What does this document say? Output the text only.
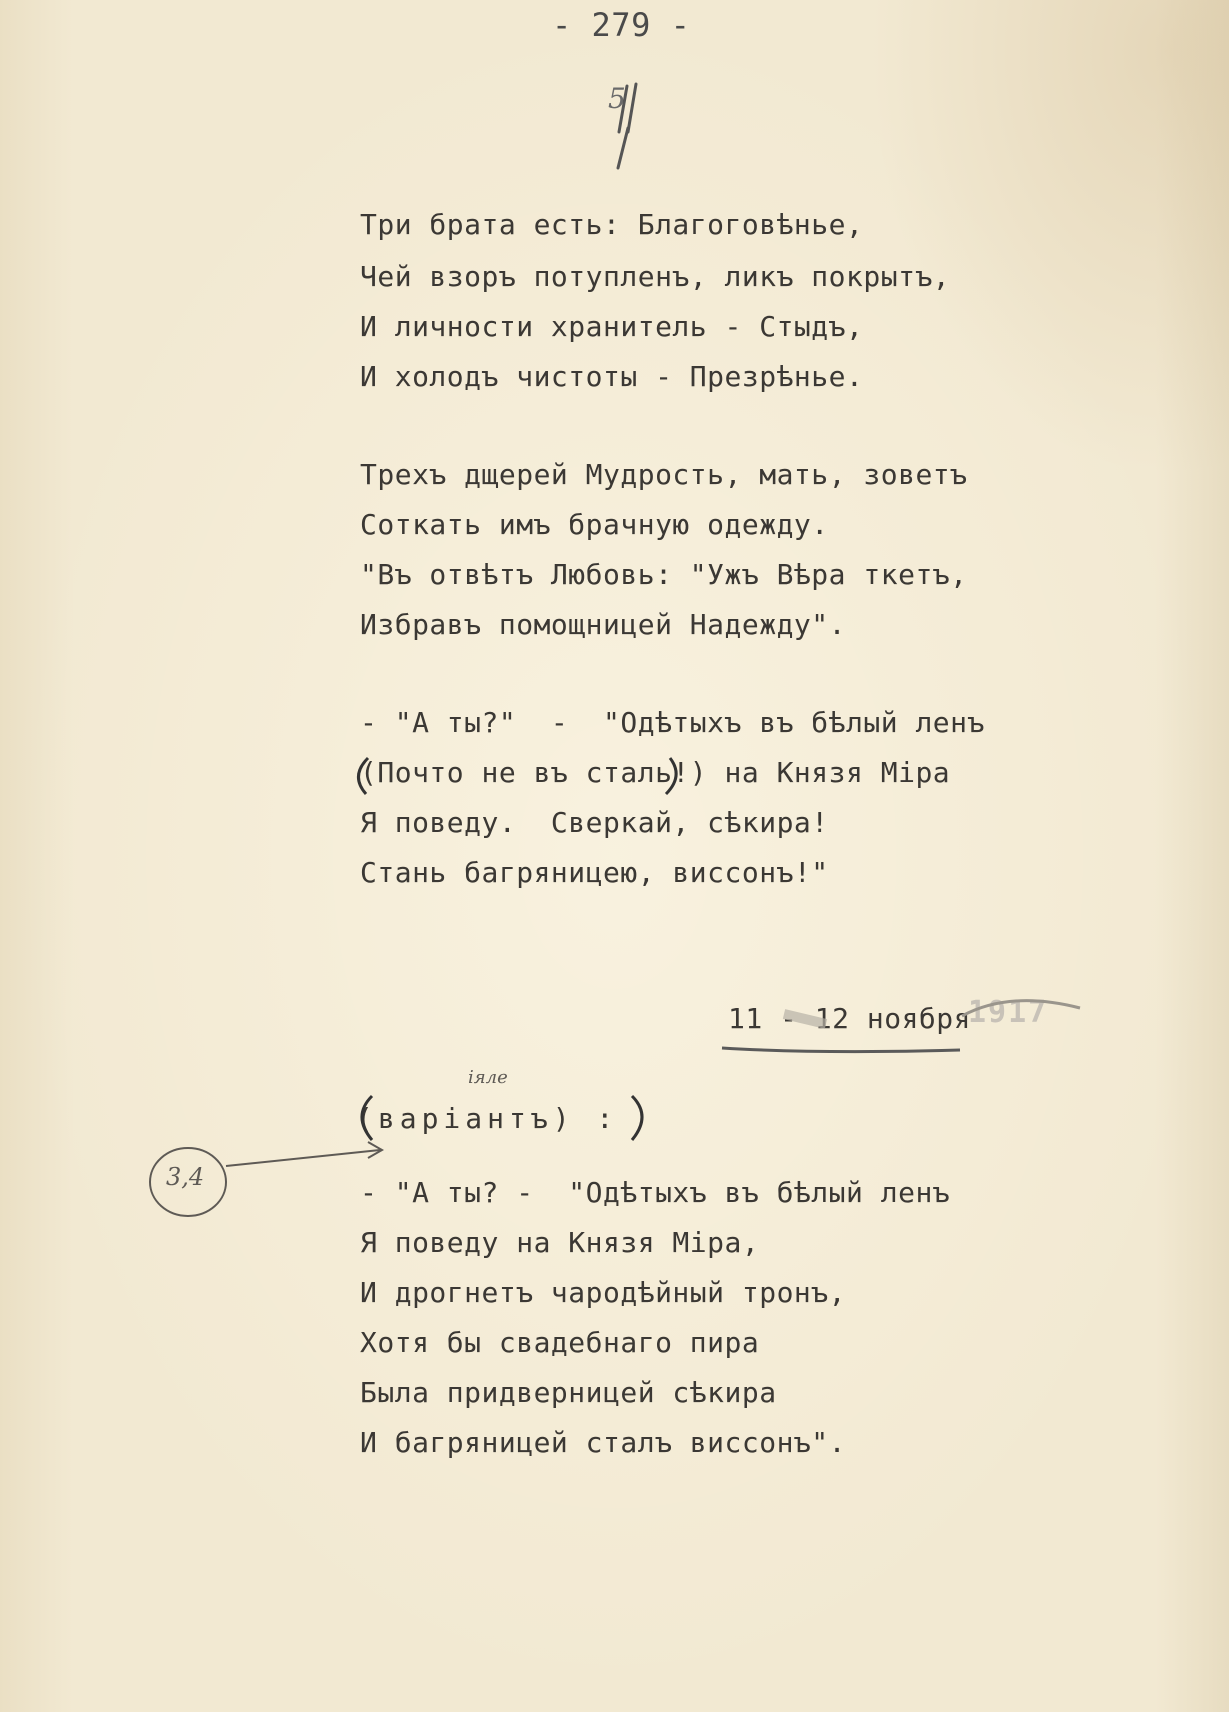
- 279 -
5
Три брата есть: Благоговѣнье,
Чей взоръ потупленъ, ликъ покрытъ,
И личности хранитель - Стыдъ,
И холодъ чистоты - Презрѣнье.
Трехъ дщерей Мудрость, мать, зоветъ
Соткать имъ брачную одежду.
"Въ отвѣтъ Любовь: "Ужъ Вѣра ткетъ,
Избравъ помощницей Надежду".
- "А ты?"  -  "Одѣтыхъ въ бѣлый ленъ
(Почто не въ сталь!) на Князя Міра
Я поведу.  Сверкай, сѣкира!
Стань багряницею, виссонъ!"
11 - 12 ноября
1917
іяле
(варіантъ) :
3,4	- "А ты? -  "Одѣтыхъ въ бѣлый ленъ
Я поведу на Князя Міра,
И дрогнетъ чародѣйный тронъ,
Хотя бы свадебнаго пира
Была придверницей сѣкира
И багряницей сталъ виссонъ".
